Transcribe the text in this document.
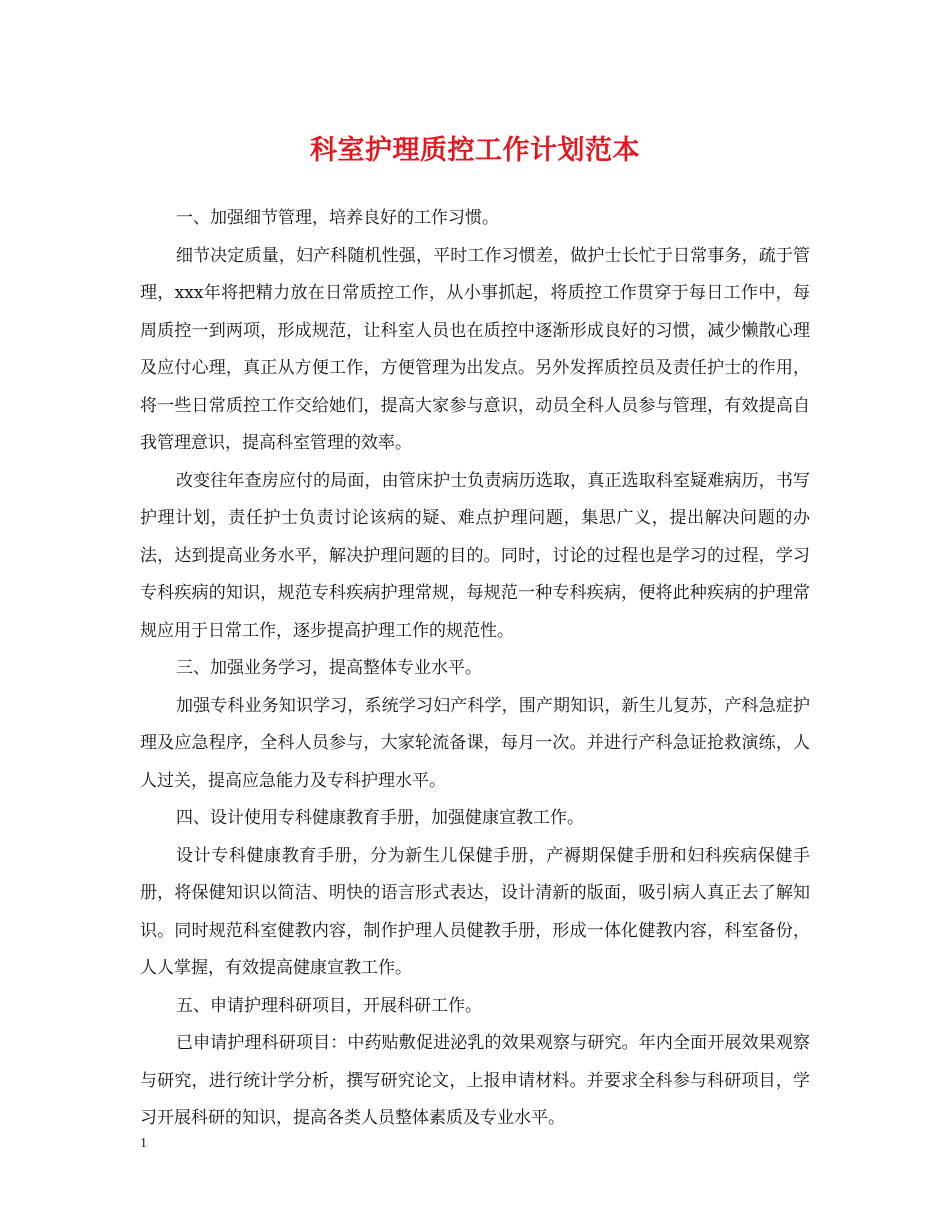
科室护理质控工作计划范本

一、加强细节管理，培养良好的工作习惯。

细节决定质量，妇产科随机性强，平时工作习惯差，做护士长忙于日常事务，疏于管理，xxx年将把精力放在日常质控工作，从小事抓起，将质控工作贯穿于每日工作中，每周质控一到两项，形成规范，让科室人员也在质控中逐渐形成良好的习惯，减少懒散心理及应付心理，真正从方便工作，方便管理为出发点。另外发挥质控员及责任护士的作用，将一些日常质控工作交给她们，提高大家参与意识，动员全科人员参与管理，有效提高自我管理意识，提高科室管理的效率。

改变往年查房应付的局面，由管床护士负责病历选取，真正选取科室疑难病历，书写护理计划，责任护士负责讨论该病的疑、难点护理问题，集思广义，提出解决问题的办法，达到提高业务水平，解决护理问题的目的。同时，讨论的过程也是学习的过程，学习专科疾病的知识，规范专科疾病护理常规，每规范一种专科疾病，便将此种疾病的护理常规应用于日常工作，逐步提高护理工作的规范性。

三、加强业务学习，提高整体专业水平。

加强专科业务知识学习，系统学习妇产科学，围产期知识，新生儿复苏，产科急症护理及应急程序，全科人员参与，大家轮流备课，每月一次。并进行产科急证抢救演练，人人过关，提高应急能力及专科护理水平。

四、设计使用专科健康教育手册，加强健康宣教工作。

设计专科健康教育手册，分为新生儿保健手册，产褥期保健手册和妇科疾病保健手册，将保健知识以简洁、明快的语言形式表达，设计清新的版面，吸引病人真正去了解知识。同时规范科室健教内容，制作护理人员健教手册，形成一体化健教内容，科室备份，人人掌握，有效提高健康宣教工作。

五、申请护理科研项目，开展科研工作。

已申请护理科研项目：中药贴敷促进泌乳的效果观察与研究。年内全面开展效果观察与研究，进行统计学分析，撰写研究论文，上报申请材料。并要求全科参与科研项目，学习开展科研的知识，提高各类人员整体素质及专业水平。

1
